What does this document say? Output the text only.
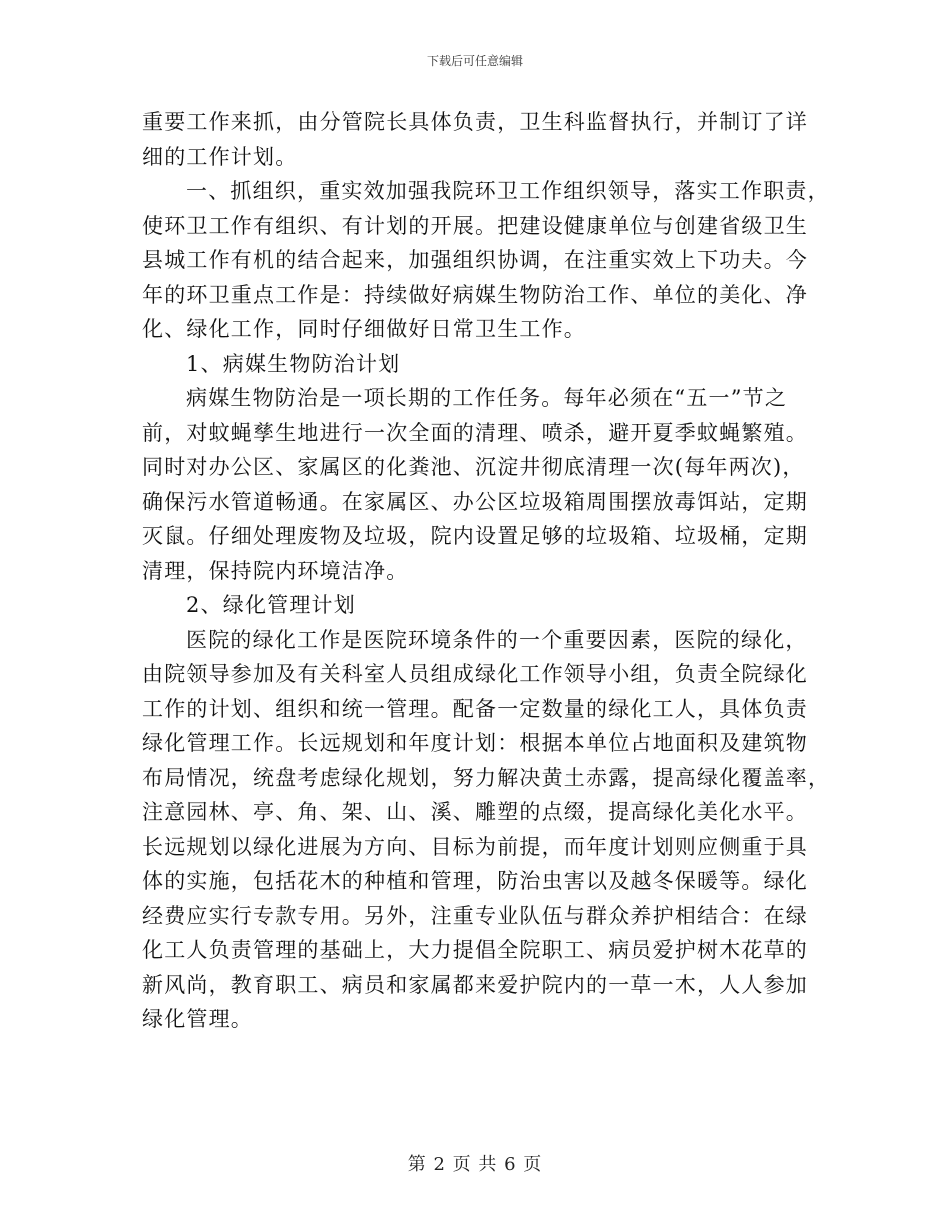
下载后可任意编辑
重要工作来抓，由分管院长具体负责，卫生科监督执行，并制订了详
细的工作计划。
一、抓组织，重实效加强我院环卫工作组织领导，落实工作职责，
使环卫工作有组织、有计划的开展。把建设健康单位与创建省级卫生
县城工作有机的结合起来，加强组织协调，在注重实效上下功夫。今
年的环卫重点工作是：持续做好病媒生物防治工作、单位的美化、净
化、绿化工作，同时仔细做好日常卫生工作。
1、病媒生物防治计划
病媒生物防治是一项长期的工作任务。每年必须在“五一”节之
前，对蚊蝇孳生地进行一次全面的清理、喷杀，避开夏季蚊蝇繁殖。
同时对办公区、家属区的化粪池、沉淀井彻底清理一次(每年两次)，
确保污水管道畅通。在家属区、办公区垃圾箱周围摆放毒饵站，定期
灭鼠。仔细处理废物及垃圾，院内设置足够的垃圾箱、垃圾桶，定期
清理，保持院内环境洁净。
2、绿化管理计划
医院的绿化工作是医院环境条件的一个重要因素，医院的绿化，
由院领导参加及有关科室人员组成绿化工作领导小组，负责全院绿化
工作的计划、组织和统一管理。配备一定数量的绿化工人，具体负责
绿化管理工作。长远规划和年度计划：根据本单位占地面积及建筑物
布局情况，统盘考虑绿化规划，努力解决黄土赤露，提高绿化覆盖率，
注意园林、亭、角、架、山、溪、雕塑的点缀，提高绿化美化水平。
长远规划以绿化进展为方向、目标为前提，而年度计划则应侧重于具
体的实施，包括花木的种植和管理，防治虫害以及越冬保暖等。绿化
经费应实行专款专用。另外，注重专业队伍与群众养护相结合：在绿
化工人负责管理的基础上，大力提倡全院职工、病员爱护树木花草的
新风尚，教育职工、病员和家属都来爱护院内的一草一木，人人参加
绿化管理。
第 2 页 共 6 页
